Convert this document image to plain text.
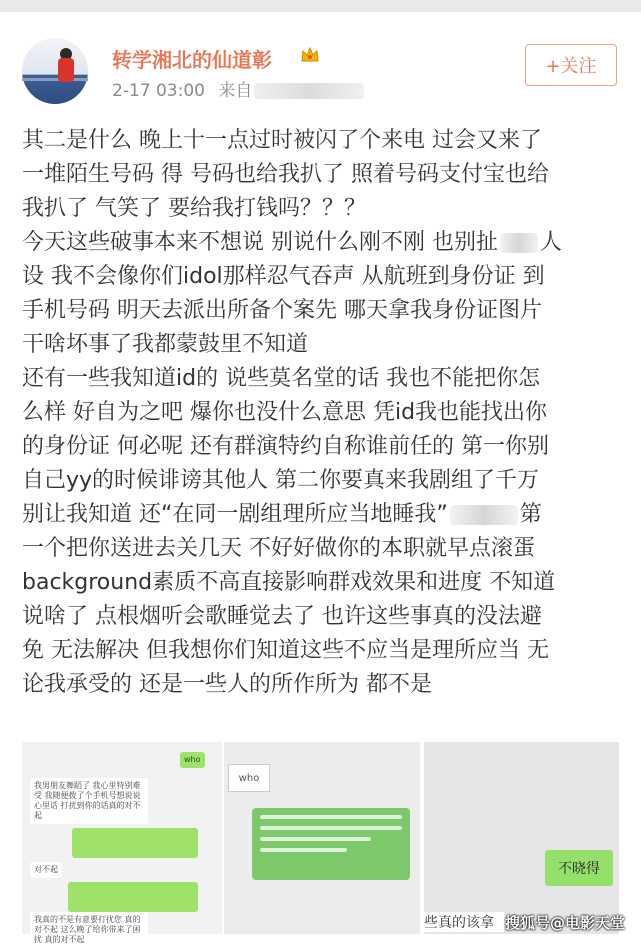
转学湘北的仙道彰
2-17 03:00 来自
+关注

其二是什么 晚上十一点过时被闪了个来电 过会又来了

一堆陌生号码 得 号码也给我扒了 照着号码支付宝也给

我扒了 气笑了 要给我打钱吗？？？

今天这些破事本来不想说 别说什么刚不刚 也别扯 人

设 我不会像你们idol那样忍气吞声 从航班到身份证 到

手机号码 明天去派出所备个案先 哪天拿我身份证图片

干啥坏事了我都蒙鼓里不知道

还有一些我知道id的 说些莫名堂的话 我也不能把你怎

么样 好自为之吧 爆你也没什么意思 凭id我也能找出你

的身份证 何必呢 还有群演特约自称谁前任的 第一你别

自己yy的时候诽谤其他人 第二你要真来我剧组了千万

别让我知道 还“在同一剧组理所应当地睡我”	第

一个把你送进去关几天 不好好做你的本职就早点滚蛋

background素质不高直接影响群戏效果和进度 不知道

说啥了 点根烟听会歌睡觉去了 也许这些事真的没法避

免 无法解决 但我想你们知道这些不应当是理所应当 无

论我承受的 还是一些人的所作所为 都不是

who
我男朋友舞蹈了 我心里特别难受 我随便拨了个手机号想说说心里话 打扰到你的话真的对不起
对不起
我真的不是有意要打扰您 真的对不起 这么晚了给你带来了困扰 真的对不起
who
不晓得
些真的该拿 搜狐号@电影天堂
